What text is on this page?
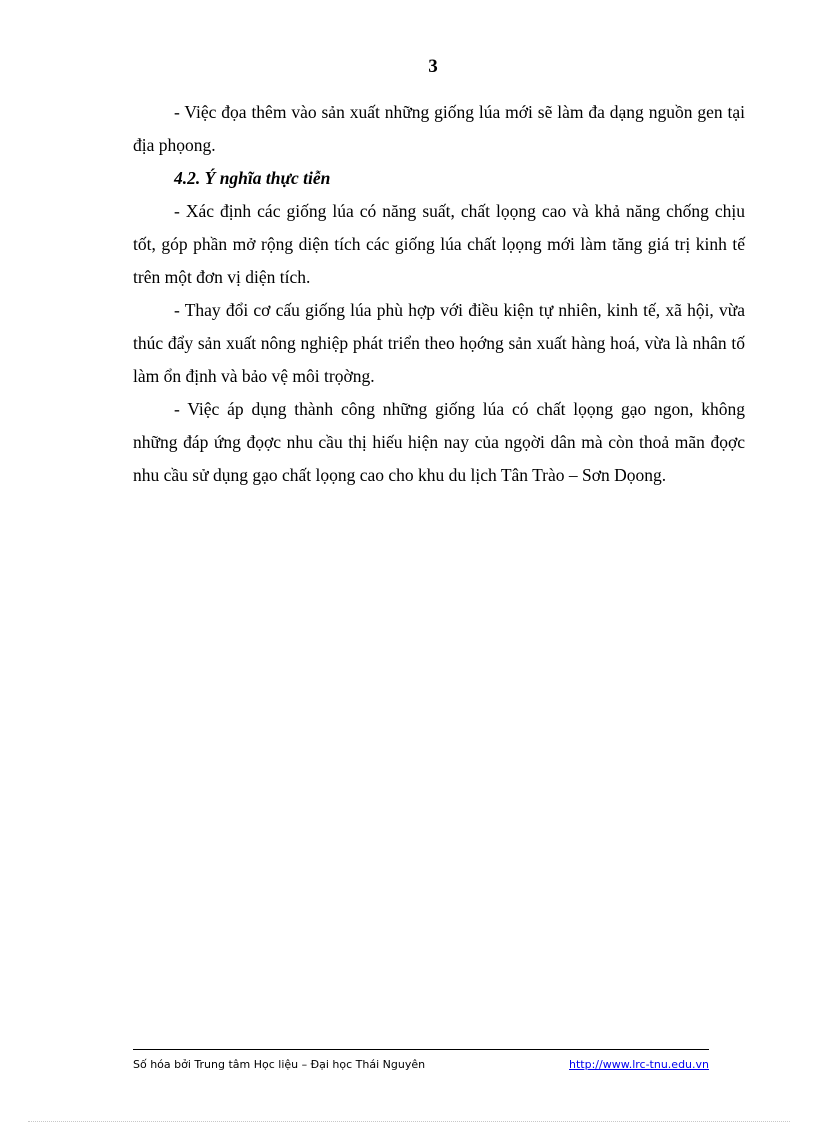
3

- Việc đọa thêm vào sản xuất những giống lúa mới sẽ làm đa dạng nguồn gen tại địa phọong.

4.2. Ý nghĩa thực tiễn

- Xác định các giống lúa có năng suất, chất lọọng cao và khả năng chống chịu tốt, góp phần mở rộng diện tích các giống lúa chất lọọng mới làm tăng giá trị kinh tế trên một đơn vị diện tích.

- Thay đổi cơ cấu giống lúa phù hợp với điều kiện tự nhiên, kinh tế, xã hội, vừa thúc đẩy sản xuất nông nghiệp phát triển theo họớng sản xuất hàng hoá, vừa là nhân tố làm ổn định và bảo vệ môi trọờng.

- Việc áp dụng thành công những giống lúa có chất lọọng gạo ngon, không những đáp ứng đọợc nhu cầu thị hiếu hiện nay của ngọời dân mà còn thoả mãn đọợc nhu cầu sử dụng gạo chất lọọng cao cho khu du lịch Tân Trào – Sơn Dọong.

Số hóa bởi Trung tâm Học liệu – Đại học Thái Nguyên	http://www.lrc-tnu.edu.vn
